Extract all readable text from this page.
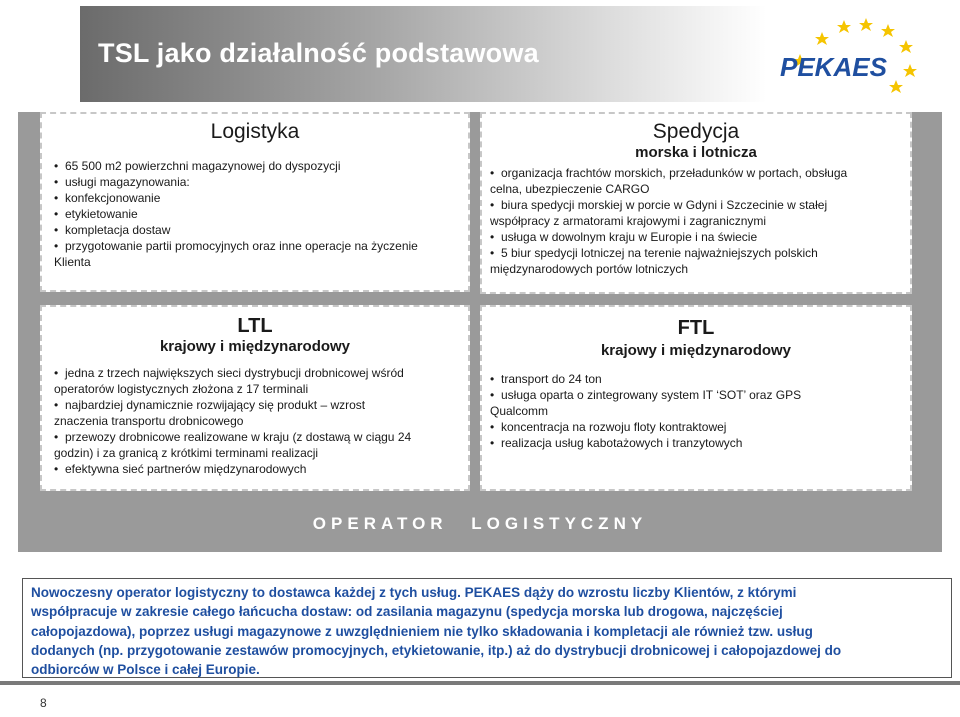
TSL jako działalność podstawowa	PEKAES
Logistyka
• 65 500 m2 powierzchni magazynowej do dyspozycji
• usługi magazynowania:
• konfekcjonowanie
• etykietowanie
• kompletacja dostaw
• przygotowanie partii promocyjnych oraz inne operacje na życzenie
Klienta
Spedycja
morska i lotnicza
• organizacja frachtów morskich, przeładunków w portach, obsługa
celna, ubezpieczenie CARGO
• biura spedycji morskiej w porcie w Gdyni i Szczecinie w stałej
współpracy z armatorami krajowymi i zagranicznymi
• usługa w dowolnym kraju w Europie i na świecie
• 5 biur spedycji lotniczej na terenie najważniejszych polskich
międzynarodowych portów lotniczych
LTL
krajowy i międzynarodowy
• jedna z trzech największych sieci dystrybucji drobnicowej wśród
operatorów logistycznych złożona z 17 terminali
• najbardziej dynamicznie rozwijający się produkt – wzrost
znaczenia transportu drobnicowego
• przewozy drobnicowe realizowane w kraju (z dostawą w ciągu 24
godzin) i za granicą z krótkimi terminami realizacji
• efektywna sieć partnerów międzynarodowych
FTL
krajowy i międzynarodowy
• transport do 24 ton
• usługa oparta o zintegrowany system IT ‘SOT’ oraz GPS
Qualcomm
• koncentracja na rozwoju floty kontraktowej
• realizacja usług kabotażowych i tranzytowych
OPERATOR LOGISTYCZNY
Nowoczesny operator logistyczny to dostawca każdej z tych usług. PEKAES dąży do wzrostu liczby Klientów, z którymi
współpracuje w zakresie całego łańcucha dostaw: od zasilania magazynu (spedycja morska lub drogowa, najczęściej
całopojazdowa), poprzez usługi magazynowe z uwzględnieniem nie tylko składowania i kompletacji ale również tzw. usług
dodanych (np. przygotowanie zestawów promocyjnych, etykietowanie, itp.) aż do dystrybucji drobnicowej i całopojazdowej do
odbiorców w Polsce i całej Europie.
8
